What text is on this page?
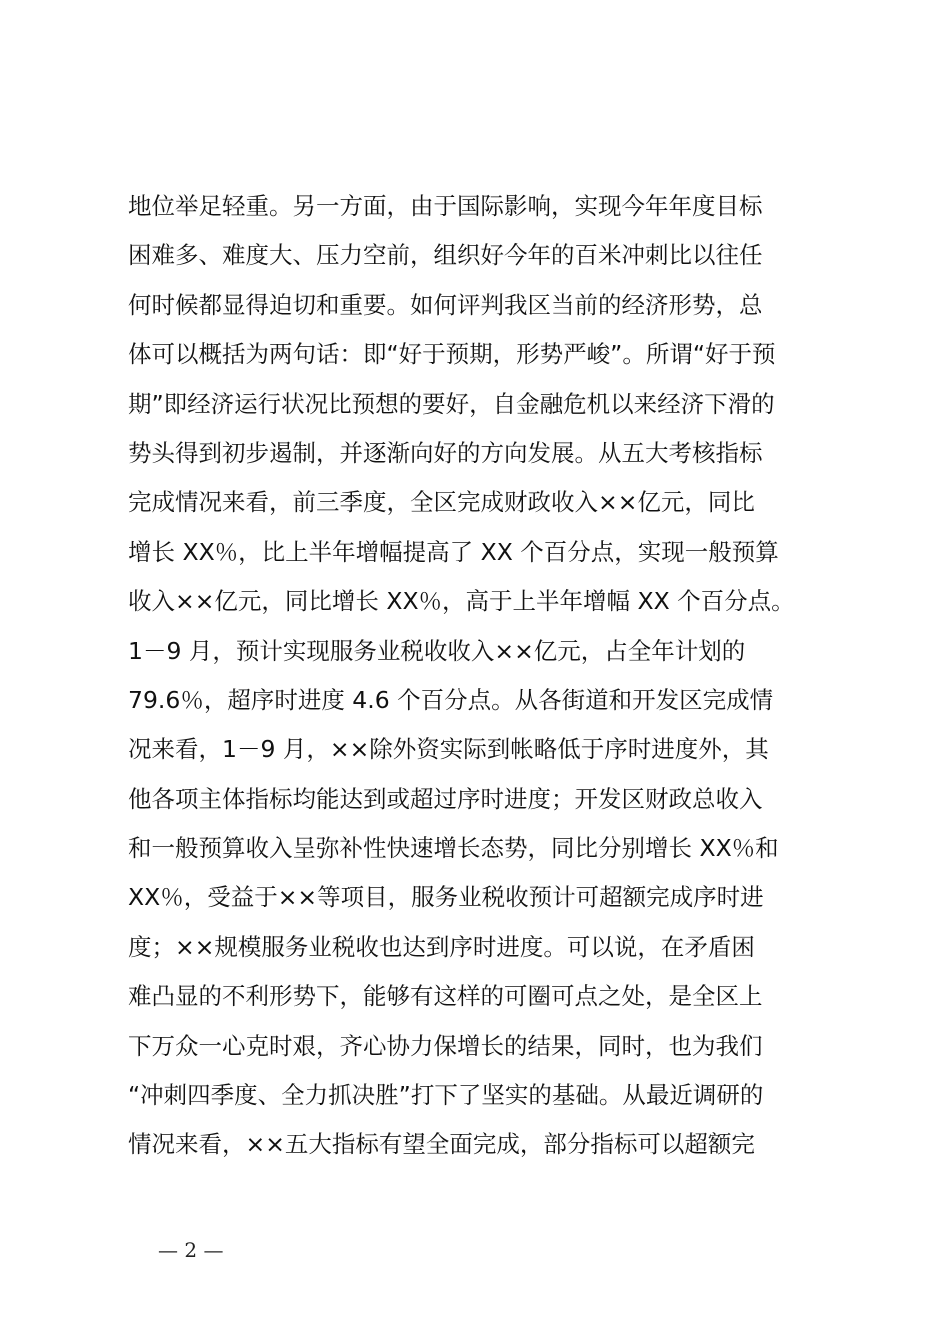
地位举足轻重。另一方面，由于国际影响，实现今年年度目标
困难多、难度大、压力空前，组织好今年的百米冲刺比以往任
何时候都显得迫切和重要。如何评判我区当前的经济形势，总
体可以概括为两句话：即“好于预期，形势严峻”。所谓“好于预
期”即经济运行状况比预想的要好，自金融危机以来经济下滑的
势头得到初步遏制，并逐渐向好的方向发展。从五大考核指标
完成情况来看，前三季度，全区完成财政收入××亿元，同比
增长 XX％，比上半年增幅提高了 XX 个百分点，实现一般预算
收入××亿元，同比增长 XX％，高于上半年增幅 XX 个百分点。
1－9 月，预计实现服务业税收收入××亿元，占全年计划的
79.6％，超序时进度 4.6 个百分点。从各街道和开发区完成情
况来看，1－9 月，××除外资实际到帐略低于序时进度外，其
他各项主体指标均能达到或超过序时进度；开发区财政总收入
和一般预算收入呈弥补性快速增长态势，同比分别增长 XX％和
XX％，受益于××等项目，服务业税收预计可超额完成序时进
度；××规模服务业税收也达到序时进度。可以说，在矛盾困
难凸显的不利形势下，能够有这样的可圈可点之处，是全区上
下万众一心克时艰，齐心协力保增长的结果，同时，也为我们
“冲刺四季度、全力抓决胜”打下了坚实的基础。从最近调研的
情况来看，××五大指标有望全面完成，部分指标可以超额完
— 2 —
